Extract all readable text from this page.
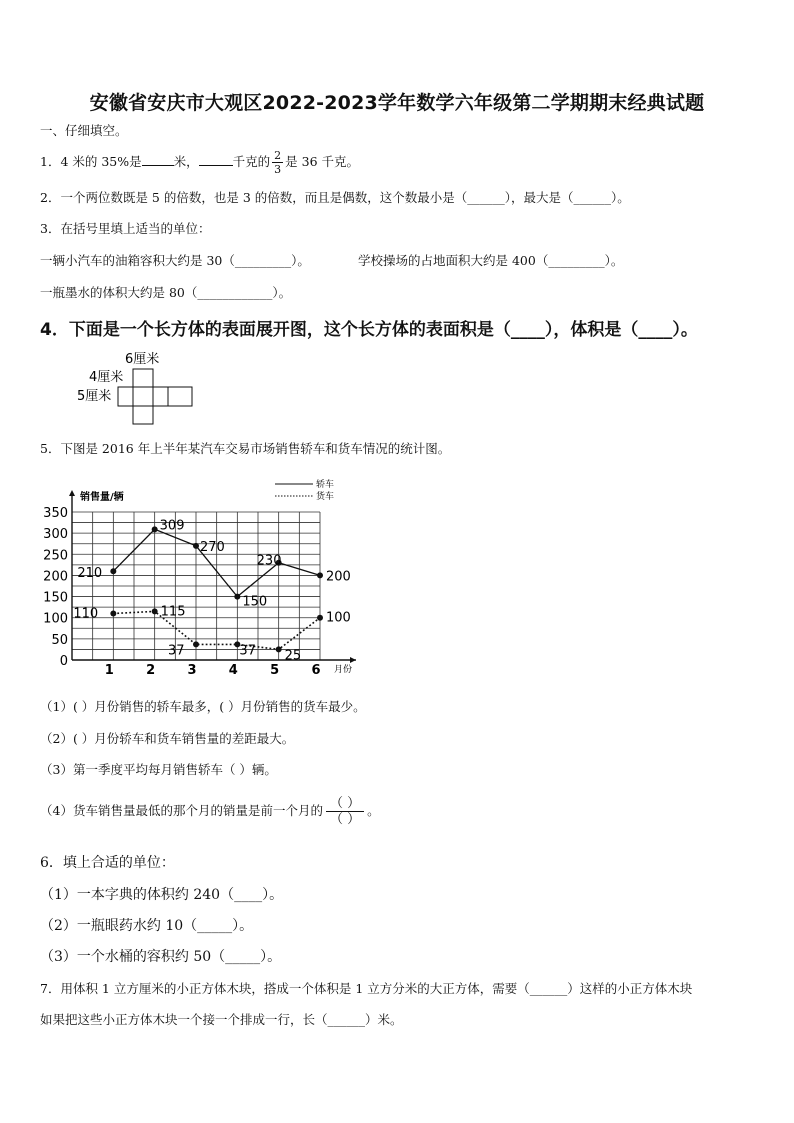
安徽省安庆市大观区2022-2023学年数学六年级第二学期期末经典试题
一、仔细填空。
1．4 米的 35%是	米，	千克的 $\frac{2}{3}$ 是 36 千克。
2．一个两位数既是 5 的倍数，也是 3 的倍数，而且是偶数，这个数最小是（______），最大是（______）。
3．在括号里填上适当的单位：
一辆小汽车的油箱容积大约是 30（_________）。	学校操场的占地面积大约是 400（_________）。
一瓶墨水的体积大约是 80（____________）。
4．下面是一个长方体的表面展开图，这个长方体的表面积是（____），体积是（____）。
6厘米
4厘米
5厘米
5．下图是 2016 年上半年某汽车交易市场销售轿车和货车情况的统计图。
0
50
100
150
200
250
300
350
1 2 3 4 5 6 月份
销售量/辆
轿车
货车
210
309
270
150
230
200
110	115
37	37 25
100
（1）( ）月份销售的轿车最多，( ）月份销售的货车最少。
（2）( ）月份轿车和货车销售量的差距最大。
（3）第一季度平均每月销售轿车（ ）辆。
（4）货车销售量最低的那个月的销量是前一个月的 $\frac{( )}{( )}$ 。
6．填上合适的单位：
（1）一本字典的体积约 240（____）。
（2）一瓶眼药水约 10（_____）。
（3）一个水桶的容积约 50（_____）。
7．用体积 1 立方厘米的小正方体木块，搭成一个体积是 1 立方分米的大正方体，需要（______）这样的小正方体木块
如果把这些小正方体木块一个接一个排成一行，长（______）米。
